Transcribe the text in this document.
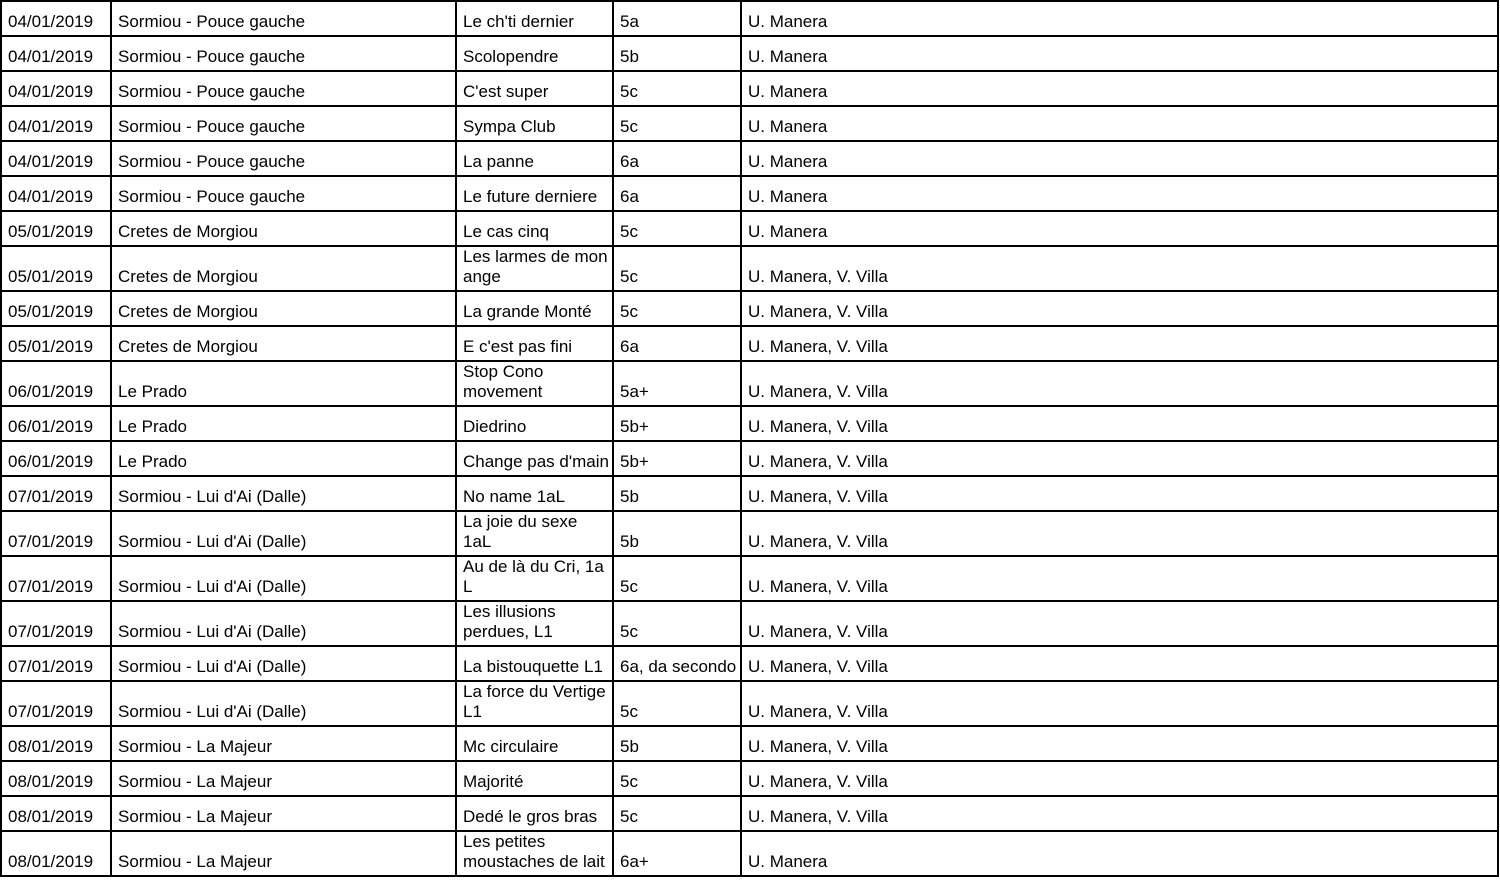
04/01/2019	Sormiou - Pouce gauche	Le ch'ti dernier	5a	U. Manera
04/01/2019	Sormiou - Pouce gauche	Scolopendre	5b	U. Manera
04/01/2019	Sormiou - Pouce gauche	C'est super	5c	U. Manera
04/01/2019	Sormiou - Pouce gauche	Sympa Club	5c	U. Manera
04/01/2019	Sormiou - Pouce gauche	La panne	6a	U. Manera
04/01/2019	Sormiou - Pouce gauche	Le future derniere	6a	U. Manera
05/01/2019	Cretes de Morgiou	Le cas cinq	5c	U. Manera
05/01/2019	Cretes de Morgiou	Les larmes de mon ange	5c	U. Manera, V. Villa
05/01/2019	Cretes de Morgiou	La grande Monté	5c	U. Manera, V. Villa
05/01/2019	Cretes de Morgiou	E c'est pas fini	6a	U. Manera, V. Villa
06/01/2019	Le Prado	Stop Cono movement	5a+	U. Manera, V. Villa
06/01/2019	Le Prado	Diedrino	5b+	U. Manera, V. Villa
06/01/2019	Le Prado	Change pas d'main	5b+	U. Manera, V. Villa
07/01/2019	Sormiou - Lui d'Ai (Dalle)	No name 1aL	5b	U. Manera, V. Villa
07/01/2019	Sormiou - Lui d'Ai (Dalle)	La joie du sexe 1aL	5b	U. Manera, V. Villa
07/01/2019	Sormiou - Lui d'Ai (Dalle)	Au de là du Cri, 1a L	5c	U. Manera, V. Villa
07/01/2019	Sormiou - Lui d'Ai (Dalle)	Les illusions perdues, L1	5c	U. Manera, V. Villa
07/01/2019	Sormiou - Lui d'Ai (Dalle)	La bistouquette L1	6a, da secondo	U. Manera, V. Villa
07/01/2019	Sormiou - Lui d'Ai (Dalle)	La force du Vertige L1	5c	U. Manera, V. Villa
08/01/2019	Sormiou - La Majeur	Mc circulaire	5b	U. Manera, V. Villa
08/01/2019	Sormiou - La Majeur	Majorité	5c	U. Manera, V. Villa
08/01/2019	Sormiou - La Majeur	Dedé le gros bras	5c	U. Manera, V. Villa
08/01/2019	Sormiou - La Majeur	Les petites moustaches de lait	6a+	U. Manera
